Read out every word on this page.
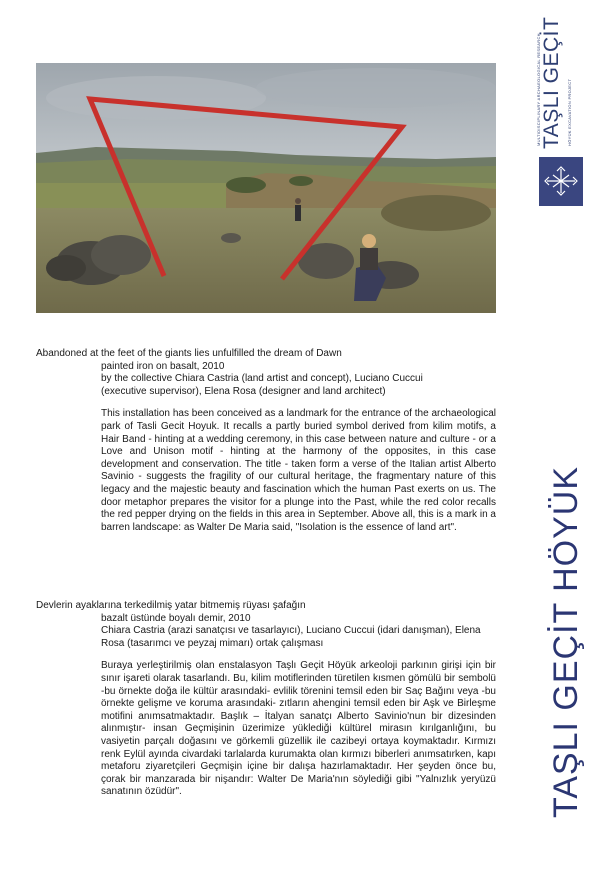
MULTIDISCIPLINARY ARCHAEOLOGICAL RESEARCH TAŞLI GEÇİT HÖYÜK EXCAVATION PROJECT
TAŞLI GEÇİT HÖYÜK

Abandoned at the feet of the giants lies unfulfilled the dream of Dawn

painted iron on basalt, 2010

by the collective Chiara Castria (land artist and concept), Luciano Cuccui

(executive supervisor), Elena Rosa (designer and land architect)

This installation has been conceived as a landmark for the entrance of the archaeological park of Tasli Gecit Hoyuk. It recalls a partly buried symbol derived from kilim motifs, a Hair Band - hinting at a wedding ceremony, in this case between nature and culture - or a Love and Unison motif - hinting at the harmony of the opposites, in this case development and conservation. The title - taken form a verse of the Italian artist Alberto Savinio - suggests the fragility of our cultural heritage, the fragmentary nature of this legacy and the majestic beauty and fascination which the human Past exerts on us. The door metaphor prepares the visitor for a plunge into the Past, while the red color recalls the red pepper drying on the fields in this area in September. Above all, this is a mark in a barren landscape: as Walter De Maria said, "Isolation is the essence of land art".

Devlerin ayaklarına terkedilmiş yatar bitmemiş rüyası şafağın

bazalt üstünde boyalı demir, 2010

Chiara Castria (arazi sanatçısı ve tasarlayıcı), Luciano Cuccui (idari danışman), Elena

Rosa (tasarımcı ve peyzaj mimarı) ortak çalışması

Buraya yerleştirilmiş olan enstalasyon Taşlı Geçit Höyük arkeoloji parkının girişi için bir sınır işareti olarak tasarlandı. Bu, kilim motiflerinden türetilen kısmen gömülü bir sembolü -bu örnekte doğa ile kültür arasındaki- evlilik törenini temsil eden bir Saç Bağını veya -bu örnekte gelişme ve koruma arasındaki- zıtların ahengini temsil eden bir Aşk ve Birleşme motifini anımsatmaktadır. Başlık – İtalyan sanatçı Alberto Savinio'nun bir dizesinden alınmıştır- insan Geçmişinin üzerimize yüklediği kültürel mirasın kırılganlığını, bu vasiyetin parçalı doğasını ve görkemli güzellik ile cazibeyi ortaya koymaktadır. Kırmızı renk Eylül ayında civardaki tarlalarda kurumakta olan kırmızı biberleri anımsatırken, kapı metaforu ziyaretçileri Geçmişin içine bir dalışa hazırlamaktadır. Her şeyden önce bu, çorak bir manzarada bir nişandır: Walter De Maria'nın söylediği gibi "Yalnızlık yeryüzü sanatının özüdür".
